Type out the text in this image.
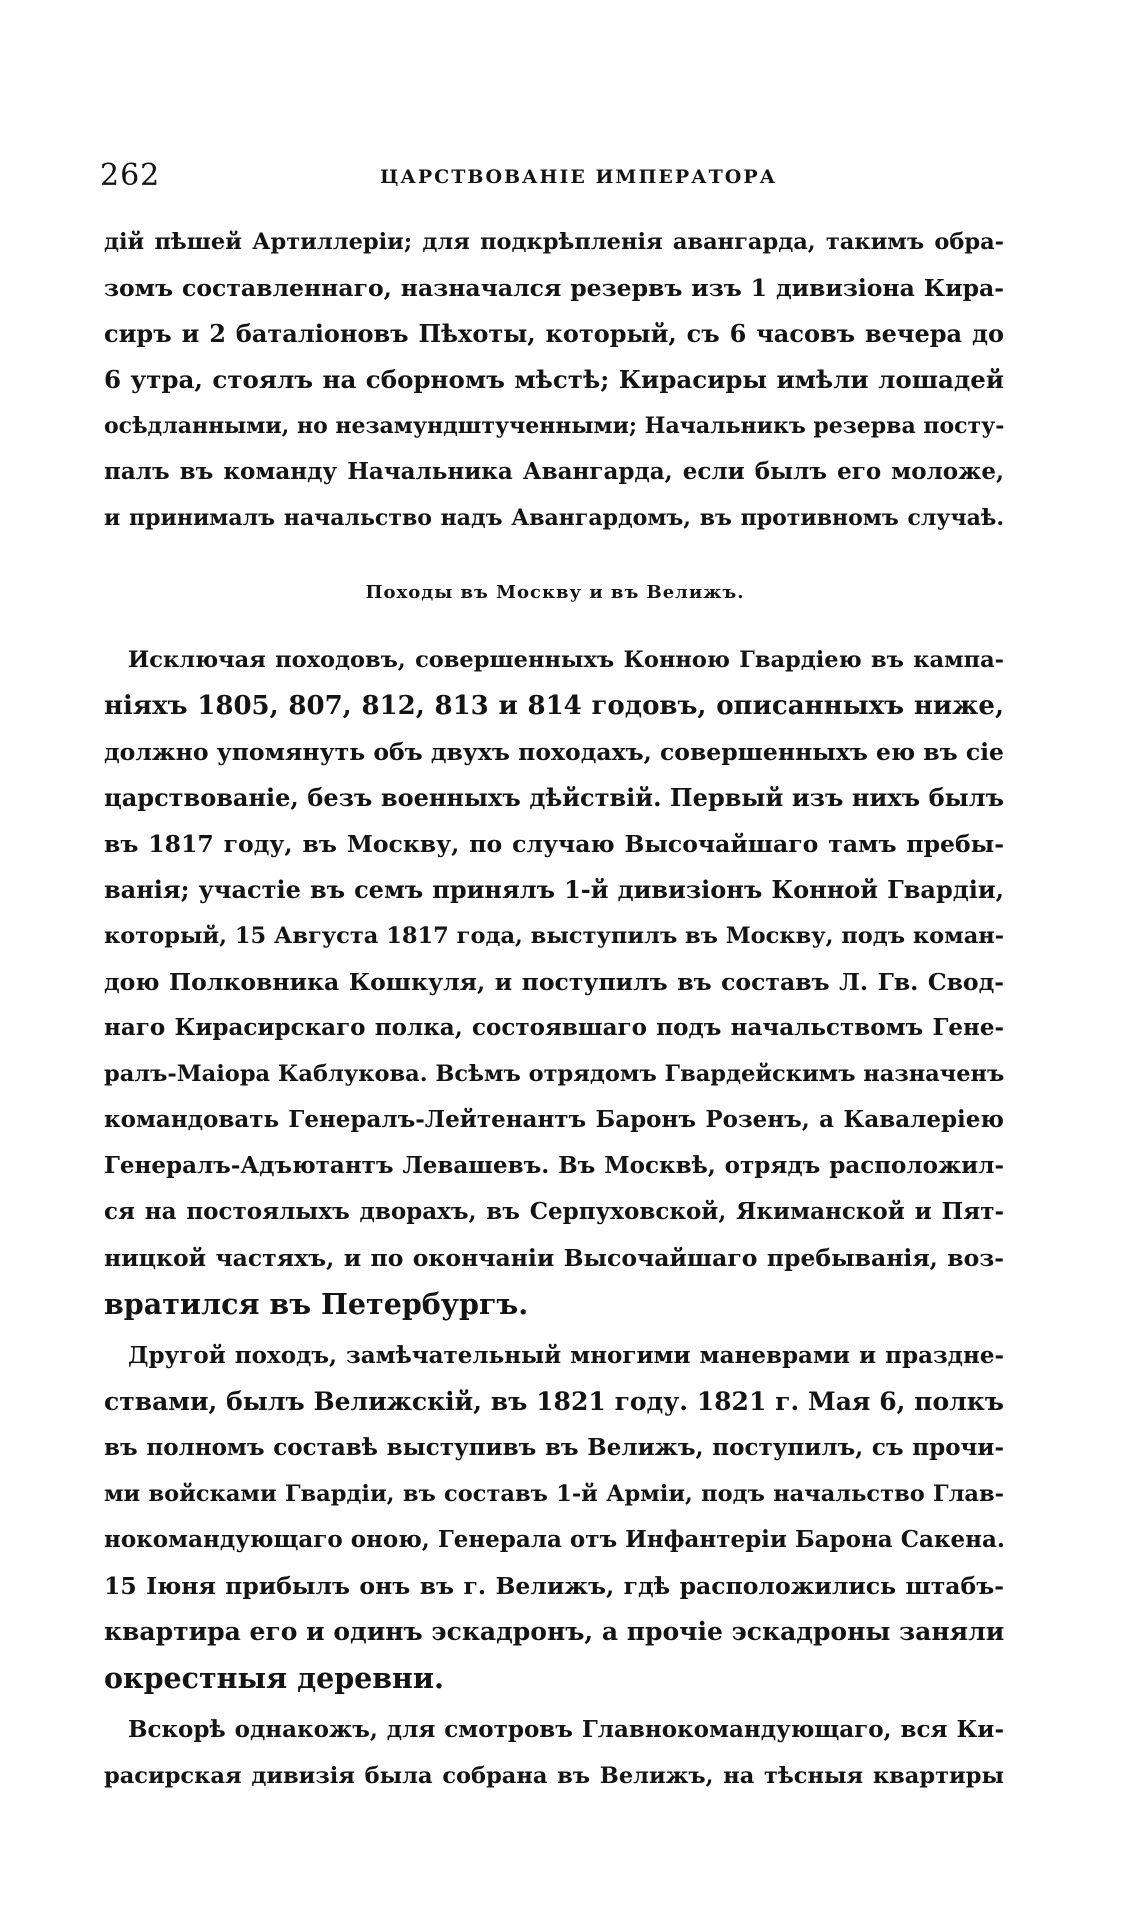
262	ЦАРСТВОВАНIЕ ИМПЕРАТОРА
дій пѣшей Артиллеріи; для подкрѣпленія авангарда, такимъ обра-
зомъ составленнаго, назначался резервъ изъ 1 дивизіона Кира-
сиръ и 2 баталіоновъ Пѣхоты, который, съ 6 часовъ вечера до
6 утра, стоялъ на сборномъ мѣстѣ; Кирасиры имѣли лошадей
осѣдланными, но незамундштученными; Начальникъ резерва посту-
палъ въ команду Начальника Авангарда, если былъ его моложе,
и принималъ начальство надъ Авангардомъ, въ противномъ случаѣ.
Походы въ Москву и въ Велижъ.
Исключая походовъ, совершенныхъ Конною Гвардіею въ кампа-
ніяхъ 1805, 807, 812, 813 и 814 годовъ, описанныхъ ниже,
должно упомянуть объ двухъ походахъ, совершенныхъ ею въ сіе
царствованіе, безъ военныхъ дѣйствій. Первый изъ нихъ былъ
въ 1817 году, въ Москву, по случаю Высочайшаго тамъ пребы-
ванія; участіе въ семъ принялъ 1-й дивизіонъ Конной Гвардіи,
который, 15 Августа 1817 года, выступилъ въ Москву, подъ коман-
дою Полковника Кошкуля, и поступилъ въ составъ Л. Гв. Свод-
наго Кирасирскаго полка, состоявшаго подъ начальствомъ Гене-
ралъ-Маіора Каблукова. Всѣмъ отрядомъ Гвардейскимъ назначенъ
командовать Генералъ-Лейтенантъ Баронъ Розенъ, а Кавалеріею
Генералъ-Адъютантъ Левашевъ. Въ Москвѣ, отрядъ расположил-
ся на постоялыхъ дворахъ, въ Серпуховской, Якиманской и Пят-
ницкой частяхъ, и по окончаніи Высочайшаго пребыванія, воз-
вратился въ Петербургъ.
Другой походъ, замѣчательный многими маневрами и праздне-
ствами, былъ Велижскій, въ 1821 году. 1821 г. Мая 6, полкъ
въ полномъ составѣ выступивъ въ Велижъ, поступилъ, съ прочи-
ми войсками Гвардіи, въ составъ 1-й Арміи, подъ начальство Глав-
нокомандующаго оною, Генерала отъ Инфантеріи Барона Сакена.
15 Іюня прибылъ онъ въ г. Велижъ, гдѣ расположились штабъ-
квартира его и одинъ эскадронъ, а прочіе эскадроны заняли
окрестныя деревни.
Вскорѣ однакожъ, для смотровъ Главнокомандующаго, вся Ки-
расирская дивизія была собрана въ Велижъ, на тѣсныя квартиры
